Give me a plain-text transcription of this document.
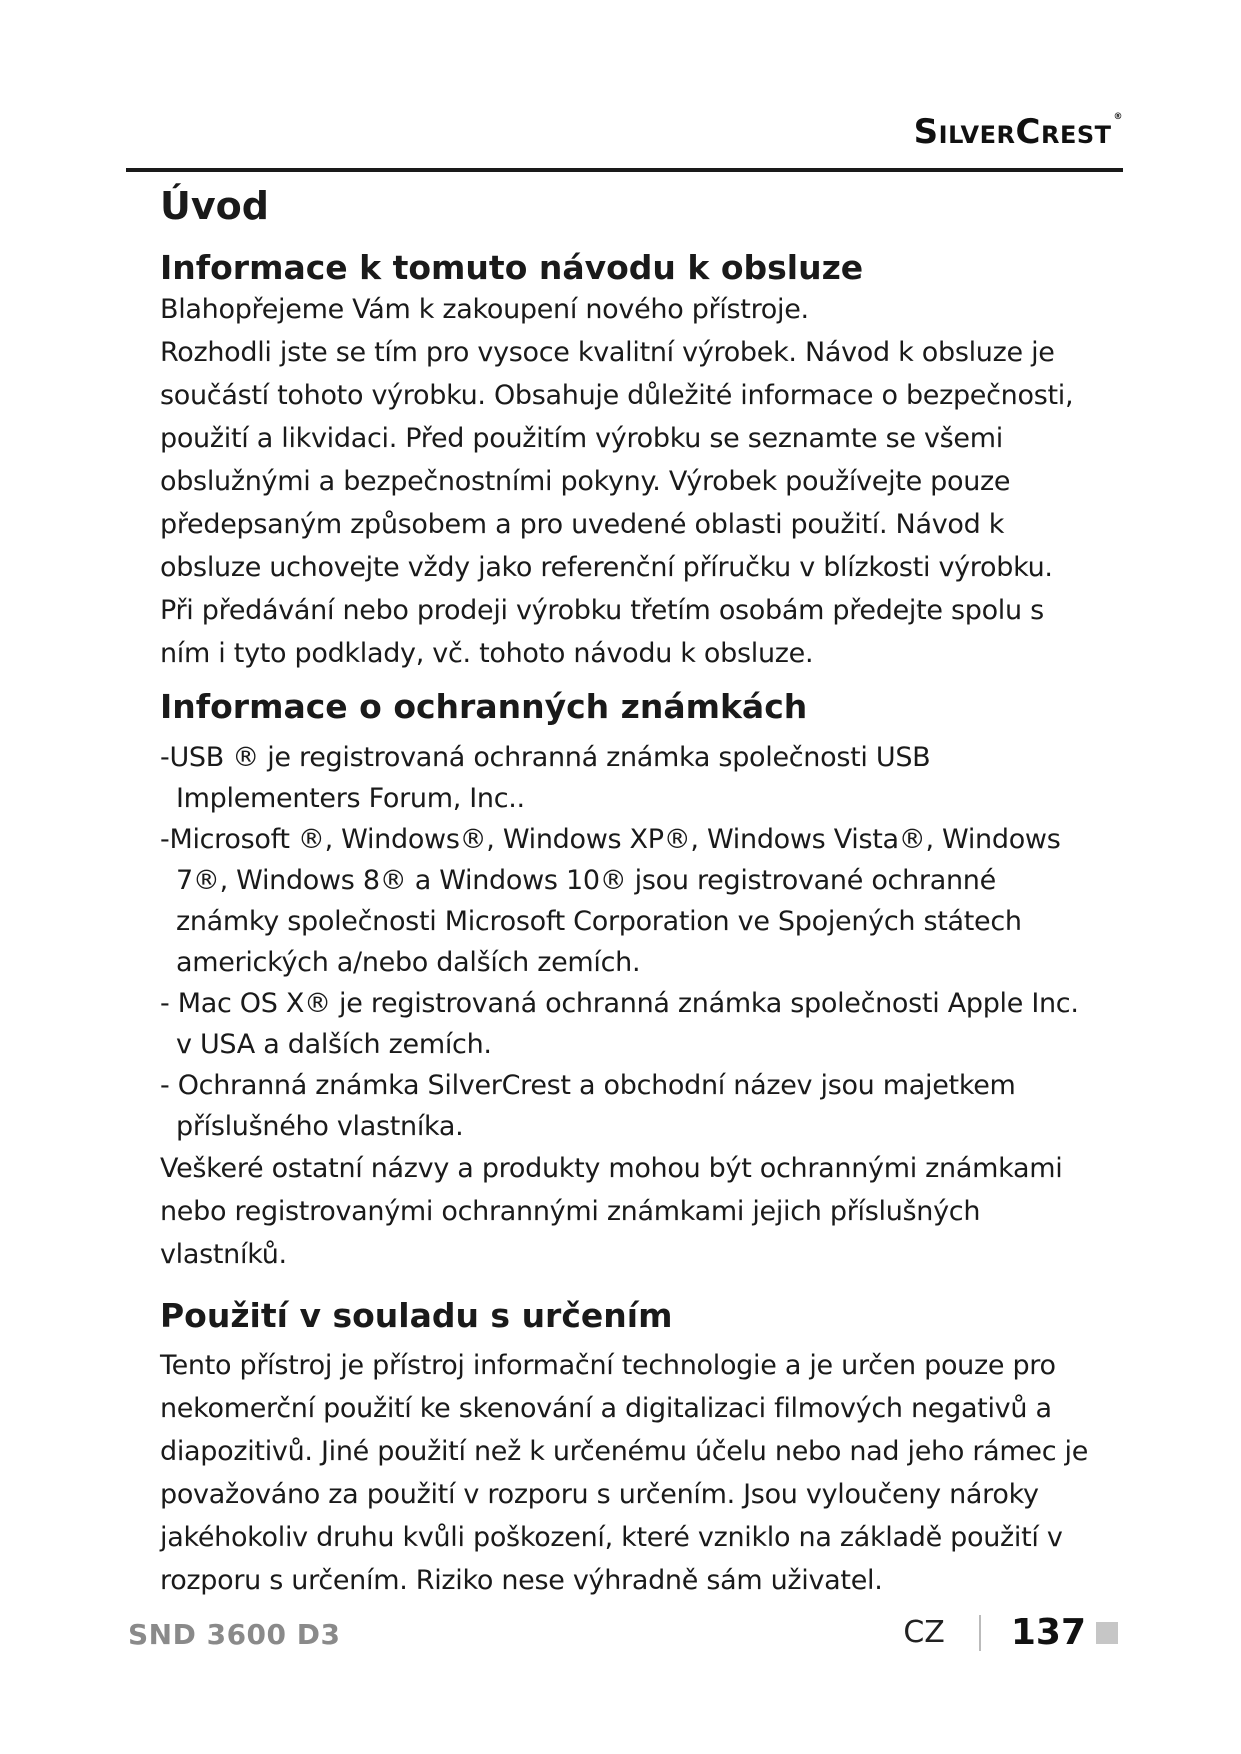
SilverCrest ®
Úvod
Informace k tomuto návodu k obsluze

Blahopřejeme Vám k zakoupení nového přístroje.

Rozhodli jste se tím pro vysoce kvalitní výrobek. Návod k obsluze je součástí tohoto výrobku. Obsahuje důležité informace o bezpečnosti, použití a likvidaci. Před použitím výrobku se seznamte se všemi obslužnými a bezpečnostními pokyny. Výrobek používejte pouze předepsaným způsobem a pro uvedené oblasti použití. Návod k obsluze uchovejte vždy jako referenční příručku v blízkosti výrobku. Při předávání nebo prodeji výrobku třetím osobám předejte spolu s ním i tyto podklady, vč. tohoto návodu k obsluze.

Informace o ochranných známkách
-USB ® je registrovaná ochranná známka společnosti USB Implementers Forum, Inc..
-Microsoft ®, Windows®, Windows XP®, Windows Vista®, Windows 7®, Windows 8® a Windows 10® jsou registrované ochranné známky společnosti Microsoft Corporation ve Spojených státech amerických a/nebo dalších zemích.
- Mac OS X® je registrovaná ochranná známka společnosti Apple Inc. v USA a dalších zemích.
- Ochranná známka SilverCrest a obchodní název jsou majetkem příslušného vlastníka.

Veškeré ostatní názvy a produkty mohou být ochrannými známkami nebo registrovanými ochrannými známkami jejich příslušných vlastníků.

Použití v souladu s určením

Tento přístroj je přístroj informační technologie a je určen pouze pro nekomerční použití ke skenování a digitalizaci filmových negativů a diapozitivů. Jiné použití než k určenému účelu nebo nad jeho rámec je považováno za použití v rozporu s určením. Jsou vyloučeny nároky jakéhokoliv druhu kvůli poškození, které vzniklo na základě použití v rozporu s určením. Riziko nese výhradně sám uživatel.

SND 3600 D3	CZ 137
